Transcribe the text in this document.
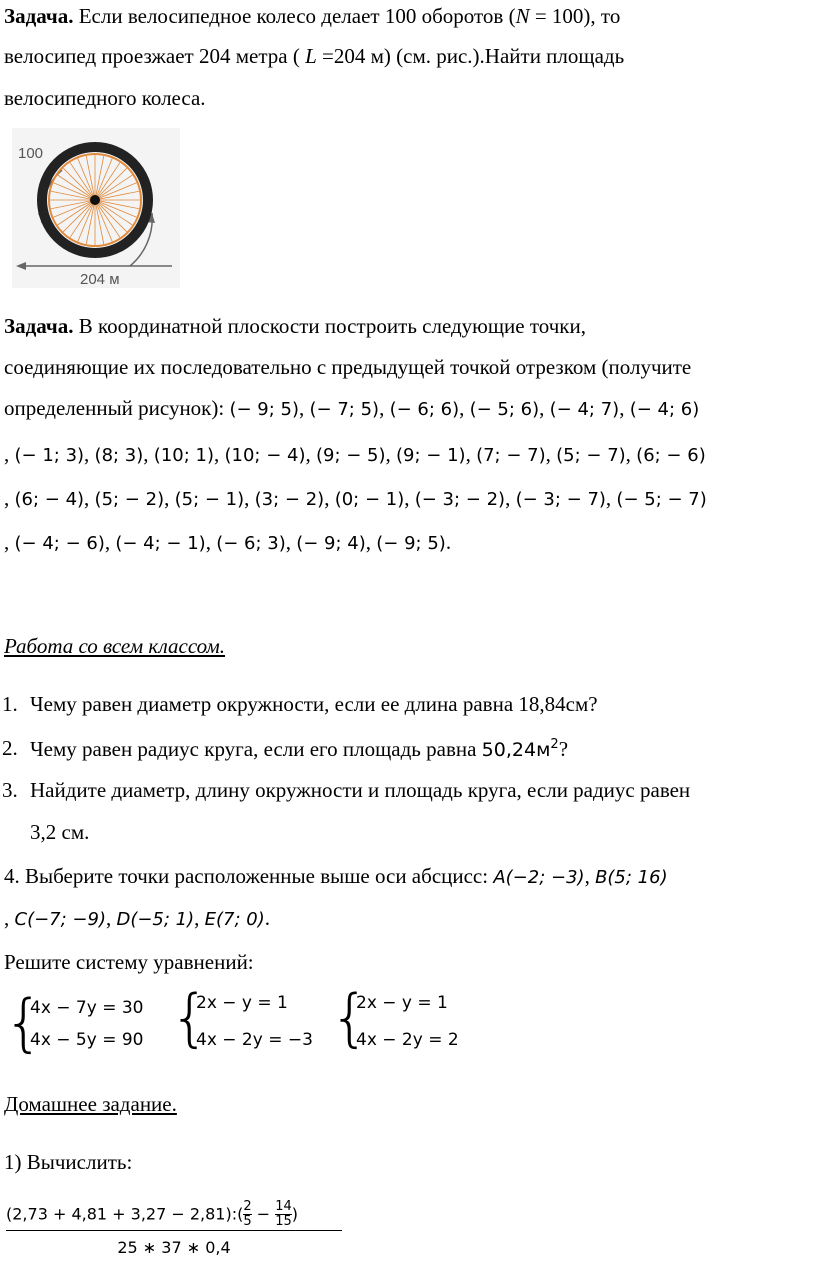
Задача. Если велосипедное колесо делает 100 оборотов (N = 100), то
велосипед проезжает 204 метра ( L =204 м) (см. рис.).Найти площадь
велосипедного колеса.
100
204 м
Задача. В координатной плоскости построить следующие точки,
соединяющие их последовательно с предыдущей точкой отрезком (получите
определенный рисунок): (− 9; 5), (− 7; 5), (− 6; 6), (− 5; 6), (− 4; 7), (− 4; 6)
, (− 1; 3), (8; 3), (10; 1), (10; − 4), (9; − 5), (9; − 1), (7; − 7), (5; − 7), (6; − 6)
, (6; − 4), (5; − 2), (5; − 1), (3; − 2), (0; − 1), (− 3; − 2), (− 3; − 7), (− 5; − 7)
, (− 4; − 6), (− 4; − 1), (− 6; 3), (− 9; 4), (− 9; 5).
Работа со всем классом.
1. Чему равен диаметр окружности, если ее длина равна 18,84см?
2. Чему равен радиус круга, если его площадь равна $50,24м^2$?
3. Найдите диаметр, длину окружности и площадь круга, если радиус равен
3,2 см.
4. Выберите точки расположенные выше оси абсцисс: A(−2; −3), B(5; 16)
, C(−7; −9), D(−5; 1), E(7; 0).
Решите систему уравнений:
{
4x − 7y = 30
4x − 5y = 90 {
2x − y = 1
4x − 2y = −3 {
2x − y = 1
4x − 2y = 2
Домашнее задание.
1) Вычислить:
(2,73 + 4,81 + 3,27 − 2,81):( $\frac{2}{5} - \frac{14}{15}$ )
25 ∗ 37 ∗ 0,4
